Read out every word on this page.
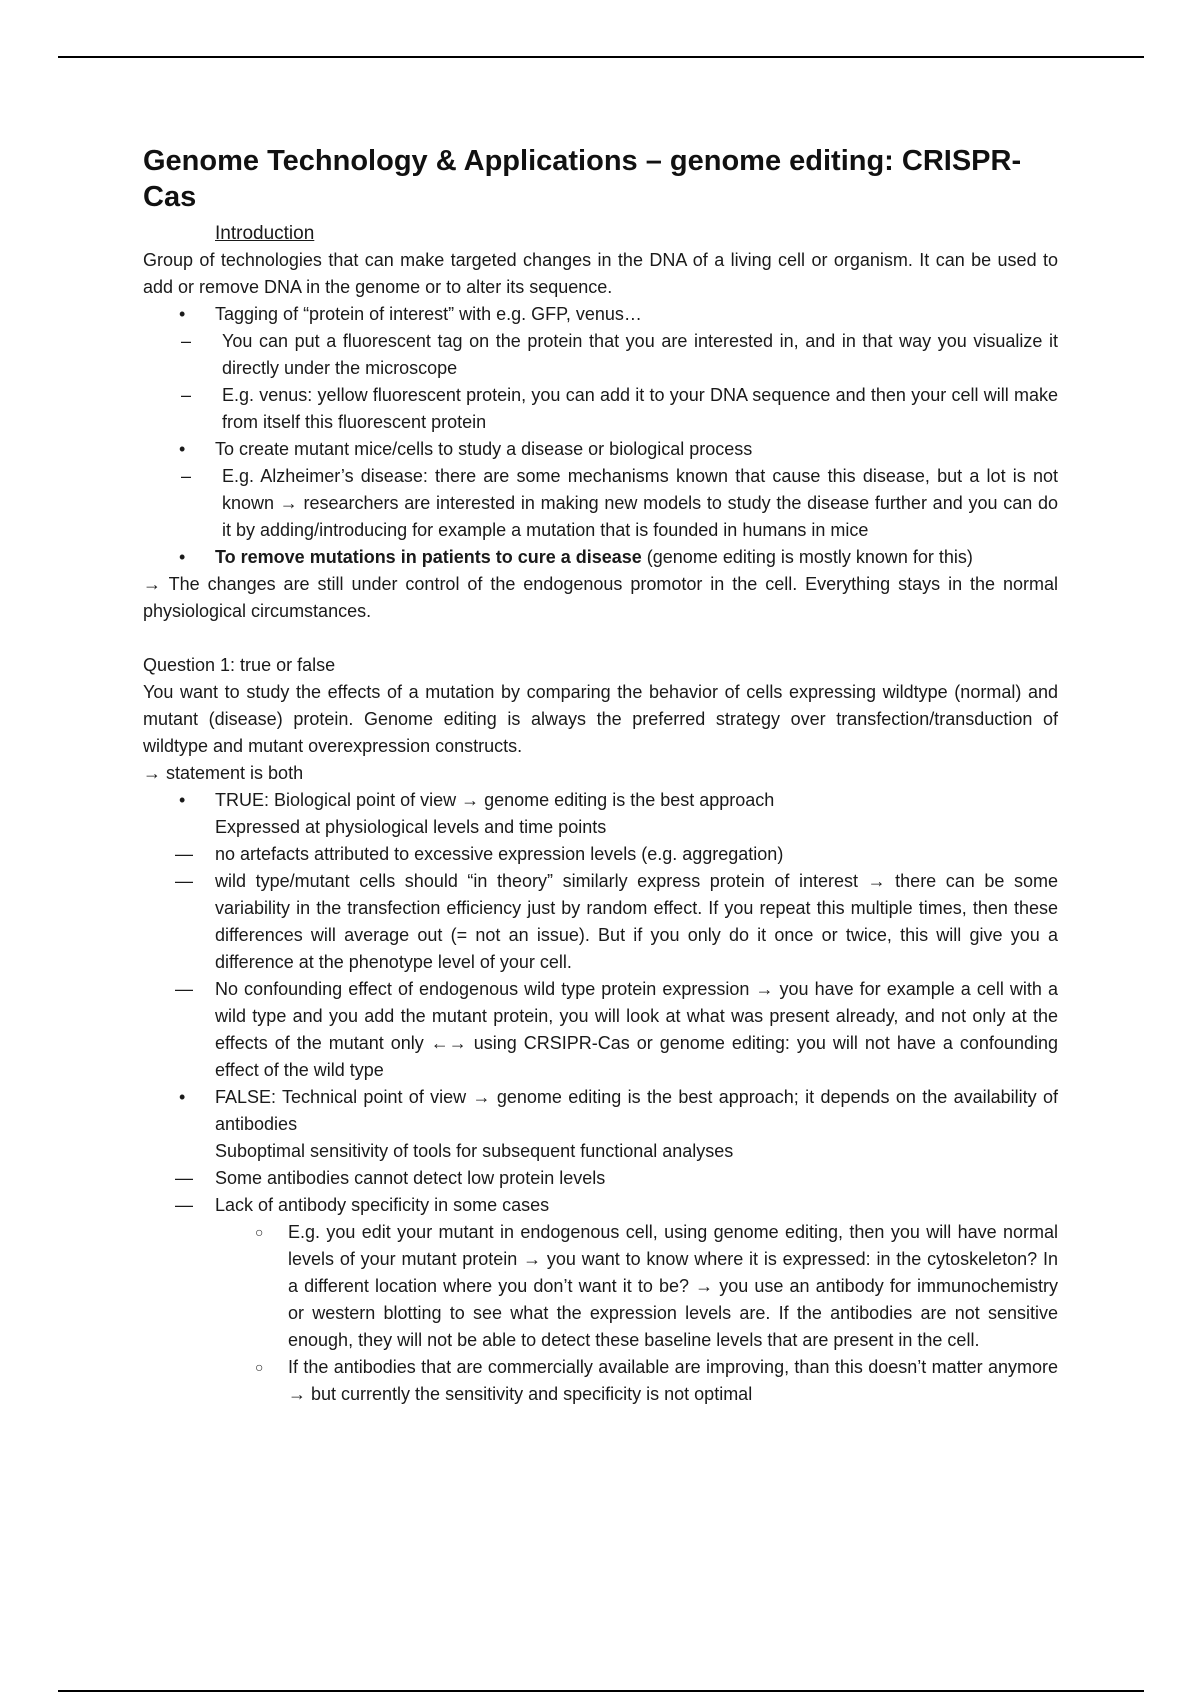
Genome Technology & Applications – genome editing: CRISPR-Cas
Introduction

Group of technologies that can make targeted changes in the DNA of a living cell or organism. It can be used to add or remove DNA in the genome or to alter its sequence.

•	Tagging of “protein of interest” with e.g. GFP, venus…
–	You can put a fluorescent tag on the protein that you are interested in, and in that way you visualize it directly under the microscope
–	E.g. venus: yellow fluorescent protein, you can add it to your DNA sequence and then your cell will make from itself this fluorescent protein
•	To create mutant mice/cells to study a disease or biological process
–	E.g. Alzheimer’s disease: there are some mechanisms known that cause this disease, but a lot is not known → researchers are interested in making new models to study the disease further and you can do it by adding/introducing for example a mutation that is founded in humans in mice
•	To remove mutations in patients to cure a disease (genome editing is mostly known for this)

→ The changes are still under control of the endogenous promotor in the cell. Everything stays in the normal physiological circumstances.

Question 1: true or false

You want to study the effects of a mutation by comparing the behavior of cells expressing wildtype (normal) and mutant (disease) protein. Genome editing is always the preferred strategy over transfection/transduction of wildtype and mutant overexpression constructs.

→ statement is both

•	TRUE: Biological point of view → genome editing is the best approach
Expressed at physiological levels and time points
—	no artefacts attributed to excessive expression levels (e.g. aggregation)
—	wild type/mutant cells should “in theory” similarly express protein of interest → there can be some variability in the transfection efficiency just by random effect. If you repeat this multiple times, then these differences will average out (= not an issue). But if you only do it once or twice, this will give you a difference at the phenotype level of your cell.
—	No confounding effect of endogenous wild type protein expression → you have for example a cell with a wild type and you add the mutant protein, you will look at what was present already, and not only at the effects of the mutant only ←→ using CRSIPR-Cas or genome editing: you will not have a confounding effect of the wild type
•	FALSE: Technical point of view → genome editing is the best approach; it depends on the availability of antibodies
Suboptimal sensitivity of tools for subsequent functional analyses
—	Some antibodies cannot detect low protein levels
—	Lack of antibody specificity in some cases
○	E.g. you edit your mutant in endogenous cell, using genome editing, then you will have normal levels of your mutant protein → you want to know where it is expressed: in the cytoskeleton? In a different location where you don’t want it to be? → you use an antibody for immunochemistry or western blotting to see what the expression levels are. If the antibodies are not sensitive enough, they will not be able to detect these baseline levels that are present in the cell.
○	If the antibodies that are commercially available are improving, than this doesn’t matter anymore → but currently the sensitivity and specificity is not optimal
